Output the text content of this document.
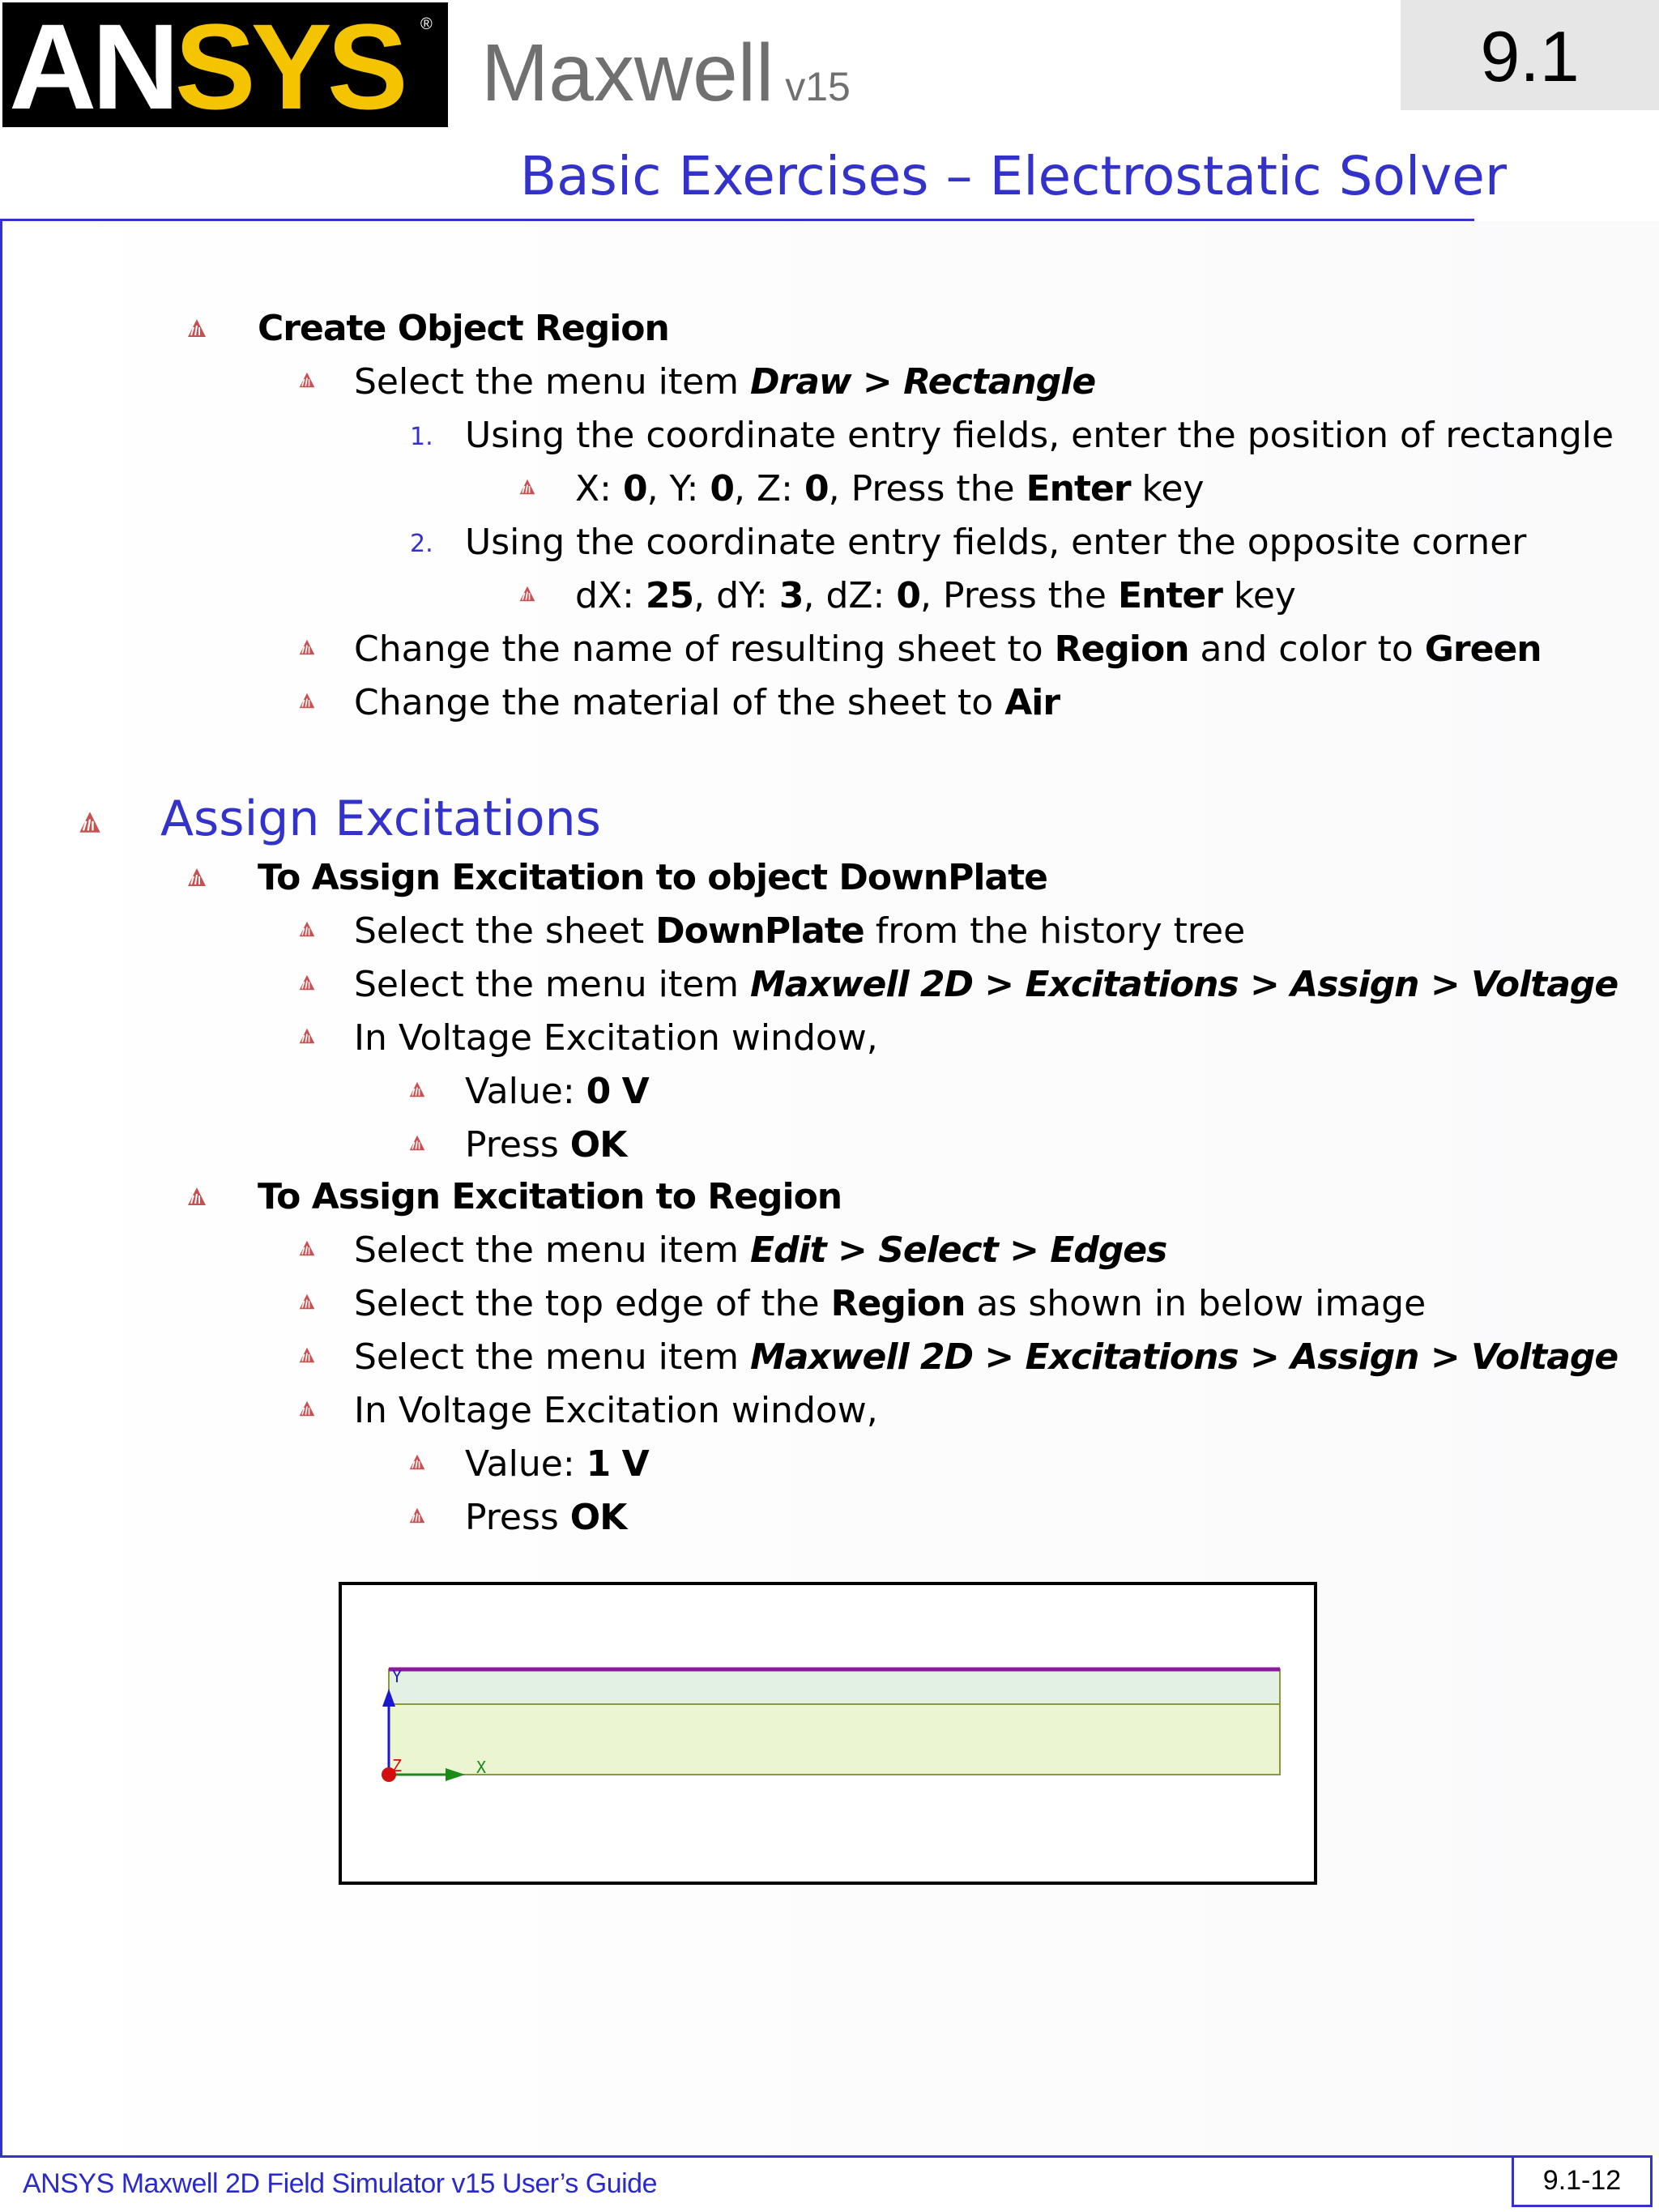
ANSYS ®
Maxwell v15	9.1
Basic Exercises – Electrostatic Solver
Create Object Region
Select the menu item Draw > Rectangle
1. Using the coordinate entry fields, enter the position of rectangle
X: 0, Y: 0, Z: 0, Press the Enter key
2. Using the coordinate entry fields, enter the opposite corner
dX: 25, dY: 3, dZ: 0, Press the Enter key
Change the name of resulting sheet to Region and color to Green
Change the material of the sheet to Air
Assign Excitations
To Assign Excitation to object DownPlate
Select the sheet DownPlate from the history tree
Select the menu item Maxwell 2D > Excitations > Assign > Voltage
In Voltage Excitation window,
Value: 0 V
Press OK
To Assign Excitation to Region
Select the menu item Edit > Select > Edges
Select the top edge of the Region as shown in below image
Select the menu item Maxwell 2D > Excitations > Assign > Voltage
In Voltage Excitation window,
Value: 1 V
Press OK
Y
X
Z
ANSYS Maxwell 2D Field Simulator v15 User’s Guide	9.1-12
